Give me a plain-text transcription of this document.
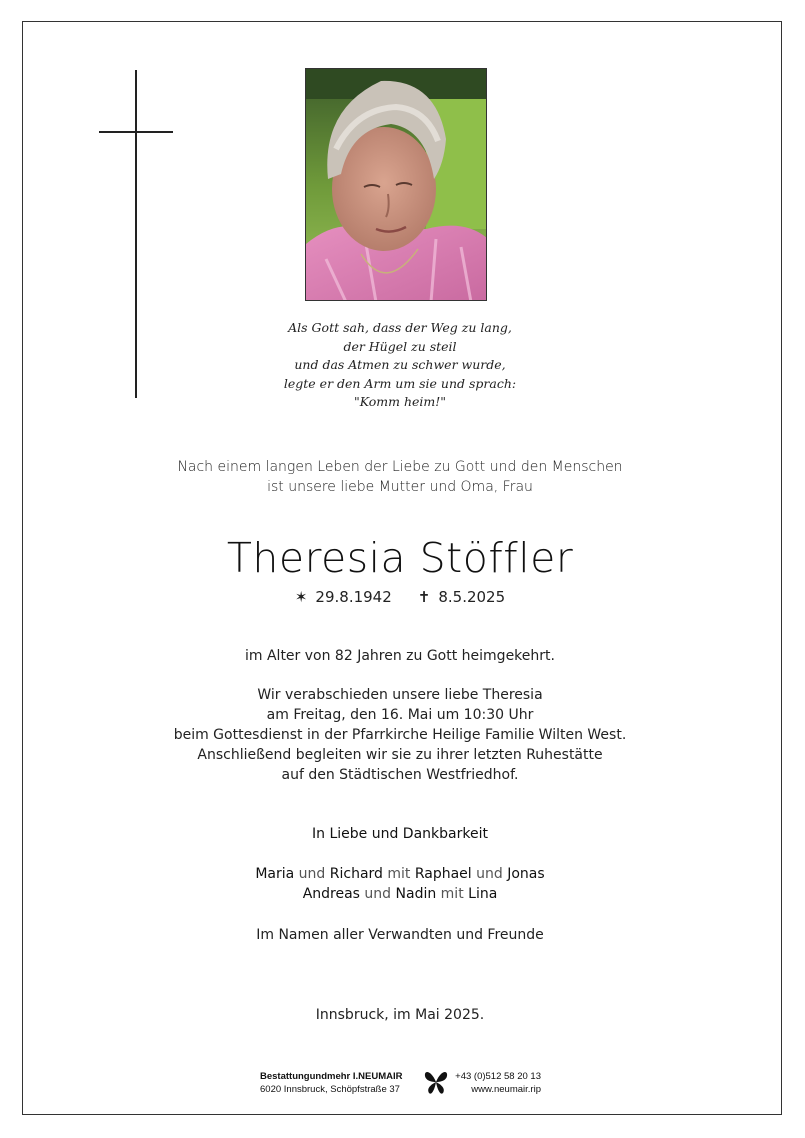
Als Gott sah, dass der Weg zu lang,
der Hügel zu steil
und das Atmen zu schwer wurde,
legte er den Arm um sie und sprach:
"Komm heim!"
Nach einem langen Leben der Liebe zu Gott und den Menschen
ist unsere liebe Mutter und Oma, Frau
Theresia Stöffler
✶ 29.8.1942 ✝ 8.5.2025
im Alter von 82 Jahren zu Gott heimgekehrt.
Wir verabschieden unsere liebe Theresia
am Freitag, den 16. Mai um 10:30 Uhr
beim Gottesdienst in der Pfarrkirche Heilige Familie Wilten West.
Anschließend begleiten wir sie zu ihrer letzten Ruhestätte
auf den Städtischen Westfriedhof.
In Liebe und Dankbarkeit
Maria und Richard mit Raphael und Jonas
Andreas und Nadin mit Lina
Im Namen aller Verwandten und Freunde
Innsbruck, im Mai 2025.
Bestattungundmehr I.NEUMAIR
6020 Innsbruck, Schöpfstraße 37
+43 (0)512 58 20 13
www.neumair.rip
